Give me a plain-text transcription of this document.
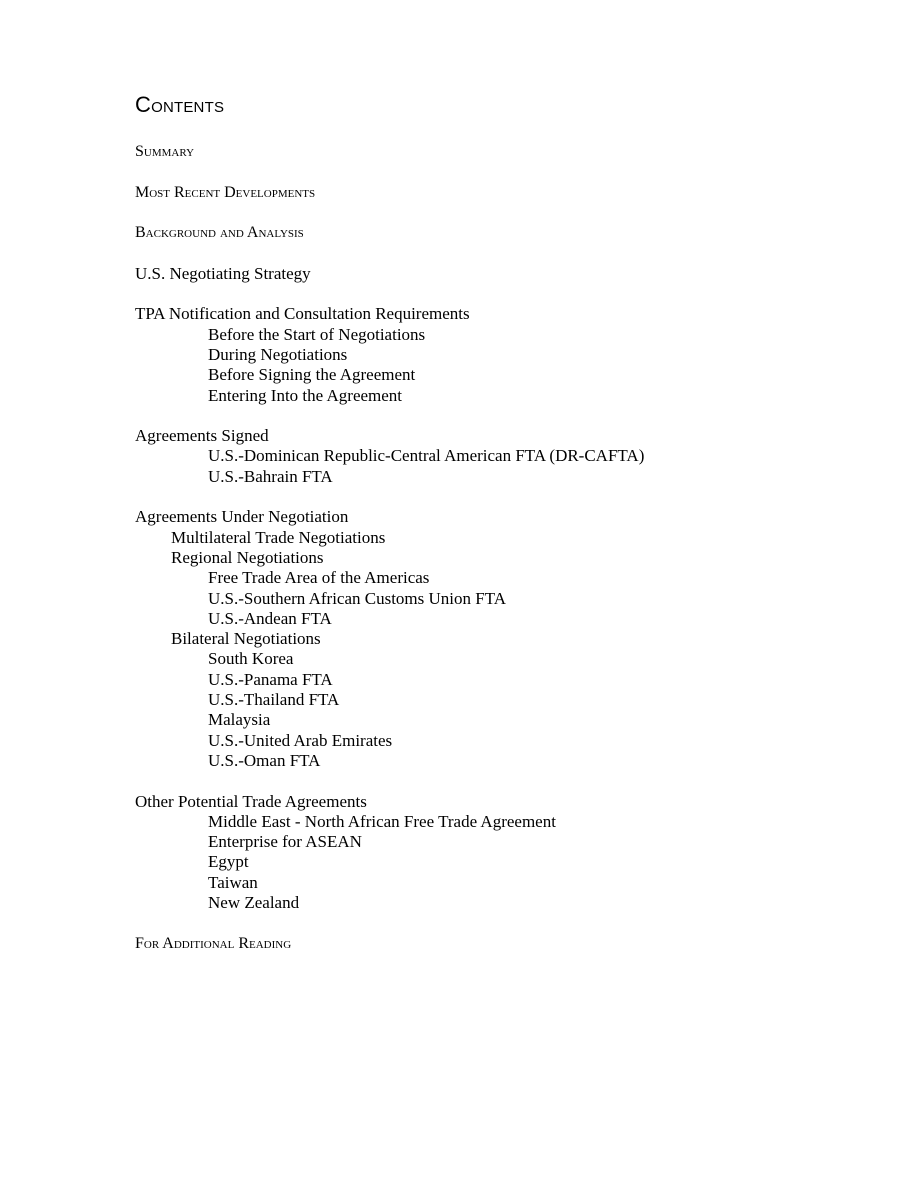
Contents
Summary
Most Recent Developments
Background and Analysis
U.S. Negotiating Strategy
TPA Notification and Consultation Requirements
Before the Start of Negotiations
During Negotiations
Before Signing the Agreement
Entering Into the Agreement
Agreements Signed
U.S.-Dominican Republic-Central American FTA (DR-CAFTA)
U.S.-Bahrain FTA
Agreements Under Negotiation
Multilateral Trade Negotiations
Regional Negotiations
Free Trade Area of the Americas
U.S.-Southern African Customs Union FTA
U.S.-Andean FTA
Bilateral Negotiations
South Korea
U.S.-Panama FTA
U.S.-Thailand FTA
Malaysia
U.S.-United Arab Emirates
U.S.-Oman FTA
Other Potential Trade Agreements
Middle East - North African Free Trade Agreement
Enterprise for ASEAN
Egypt
Taiwan
New Zealand
For Additional Reading
